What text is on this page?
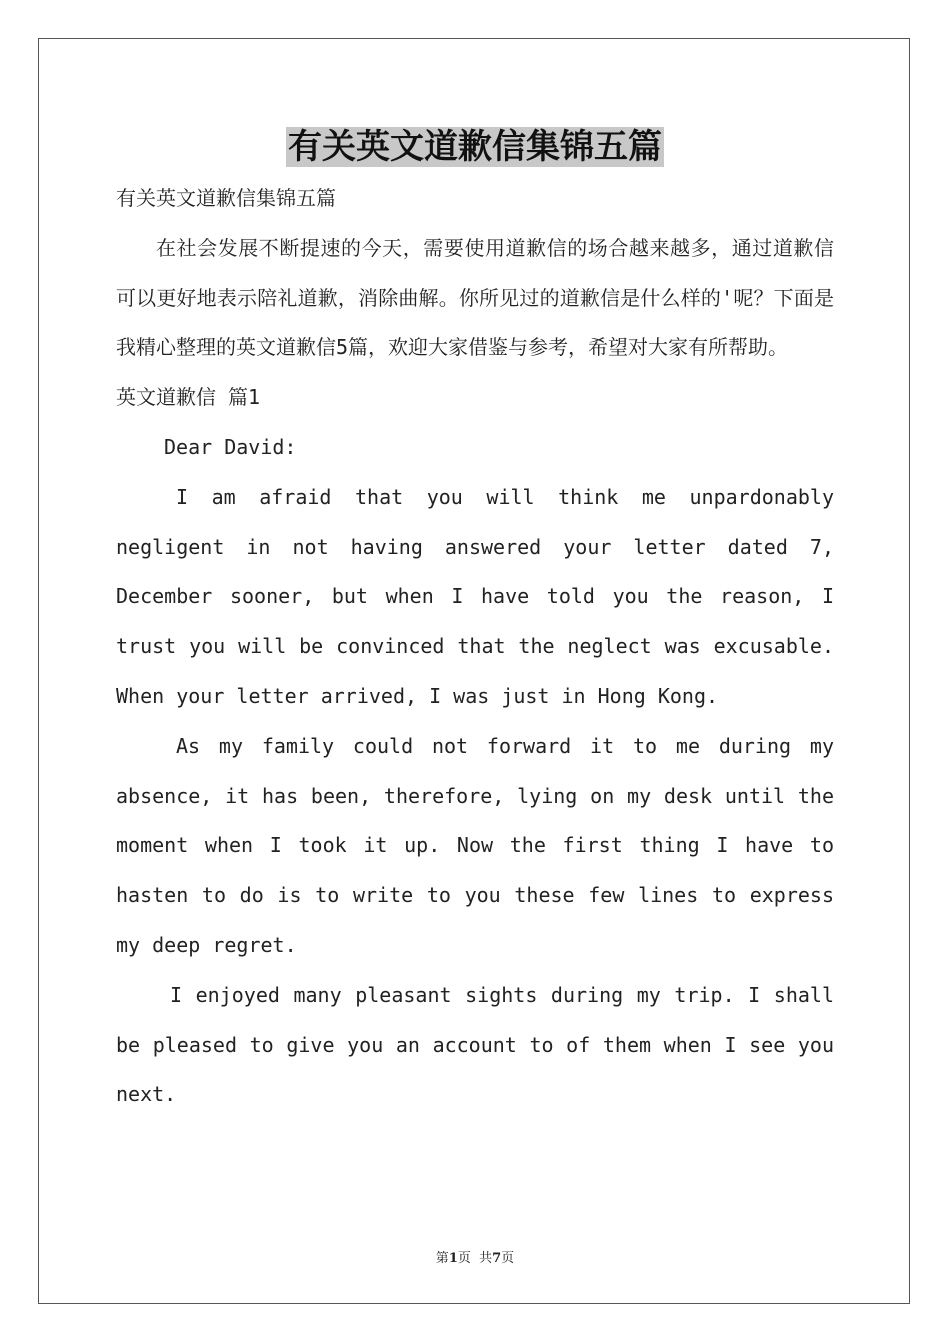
有关英文道歉信集锦五篇

有关英文道歉信集锦五篇

在社会发展不断提速的今天，需要使用道歉信的场合越来越多，通过道歉信可以更好地表示陪礼道歉，消除曲解。你所见过的道歉信是什么样的'呢？下面是我精心整理的英文道歉信5篇，欢迎大家借鉴与参考，希望对大家有所帮助。

英文道歉信 篇1

Dear David:

I am afraid that you will think me unpardonably negligent in not having answered your letter dated 7, December sooner, but when I have told you the reason, I trust you will be convinced that the neglect was excusable. When your letter arrived, I was just in Hong Kong.

As my family could not forward it to me during my absence, it has been, therefore, lying on my desk until the moment when I took it up. Now the first thing I have to hasten to do is to write to you these few lines to express my deep regret.

I enjoyed many pleasant sights during my trip. I shall be pleased to give you an account to of them when I see you next.

第1页  共7页
